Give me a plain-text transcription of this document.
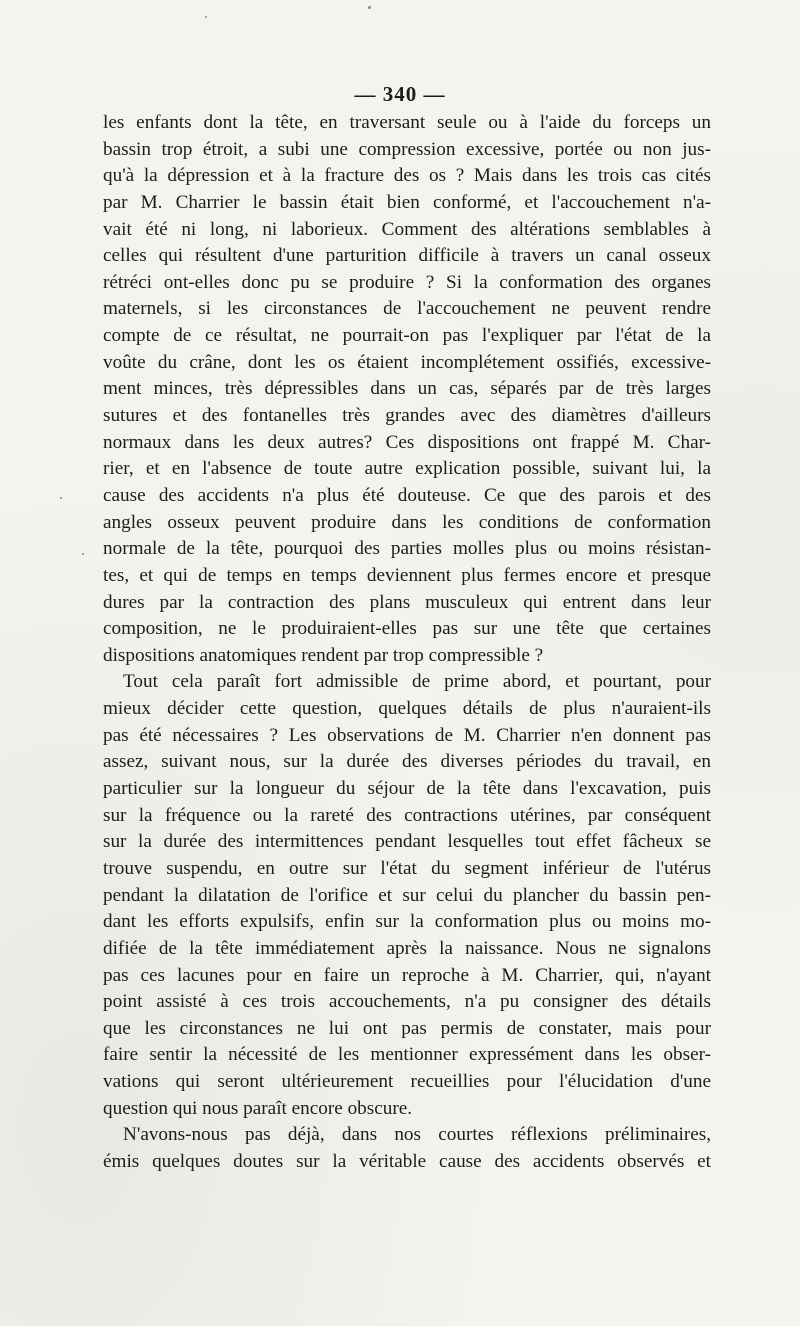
— 340 —
les enfants dont la tête, en traversant seule ou à l'aide du forceps un
bassin trop étroit, a subi une compression excessive, portée ou non jus-
qu'à la dépression et à la fracture des os ? Mais dans les trois cas cités
par M. Charrier le bassin était bien conformé, et l'accouchement n'a-
vait été ni long, ni laborieux. Comment des altérations semblables à
celles qui résultent d'une parturition difficile à travers un canal osseux
rétréci ont-elles donc pu se produire ? Si la conformation des organes
maternels, si les circonstances de l'accouchement ne peuvent rendre
compte de ce résultat, ne pourrait-on pas l'expliquer par l'état de la
voûte du crâne, dont les os étaient incomplétement ossifiés, excessive-
ment minces, très dépressibles dans un cas, séparés par de très larges
sutures et des fontanelles très grandes avec des diamètres d'ailleurs
normaux dans les deux autres? Ces dispositions ont frappé M. Char-
rier, et en l'absence de toute autre explication possible, suivant lui, la
cause des accidents n'a plus été douteuse. Ce que des parois et des
angles osseux peuvent produire dans les conditions de conformation
normale de la tête, pourquoi des parties molles plus ou moins résistan-
tes, et qui de temps en temps deviennent plus fermes encore et presque
dures par la contraction des plans musculeux qui entrent dans leur
composition, ne le produiraient-elles pas sur une tête que certaines
dispositions anatomiques rendent par trop compressible ?
Tout cela paraît fort admissible de prime abord, et pourtant, pour
mieux décider cette question, quelques détails de plus n'auraient-ils
pas été nécessaires ? Les observations de M. Charrier n'en donnent pas
assez, suivant nous, sur la durée des diverses périodes du travail, en
particulier sur la longueur du séjour de la tête dans l'excavation, puis
sur la fréquence ou la rareté des contractions utérines, par conséquent
sur la durée des intermittences pendant lesquelles tout effet fâcheux se
trouve suspendu, en outre sur l'état du segment inférieur de l'utérus
pendant la dilatation de l'orifice et sur celui du plancher du bassin pen-
dant les efforts expulsifs, enfin sur la conformation plus ou moins mo-
difiée de la tête immédiatement après la naissance. Nous ne signalons
pas ces lacunes pour en faire un reproche à M. Charrier, qui, n'ayant
point assisté à ces trois accouchements, n'a pu consigner des détails
que les circonstances ne lui ont pas permis de constater, mais pour
faire sentir la nécessité de les mentionner expressément dans les obser-
vations qui seront ultérieurement recueillies pour l'élucidation d'une
question qui nous paraît encore obscure.
N'avons-nous pas déjà, dans nos courtes réflexions préliminaires,
émis quelques doutes sur la véritable cause des accidents observés et
